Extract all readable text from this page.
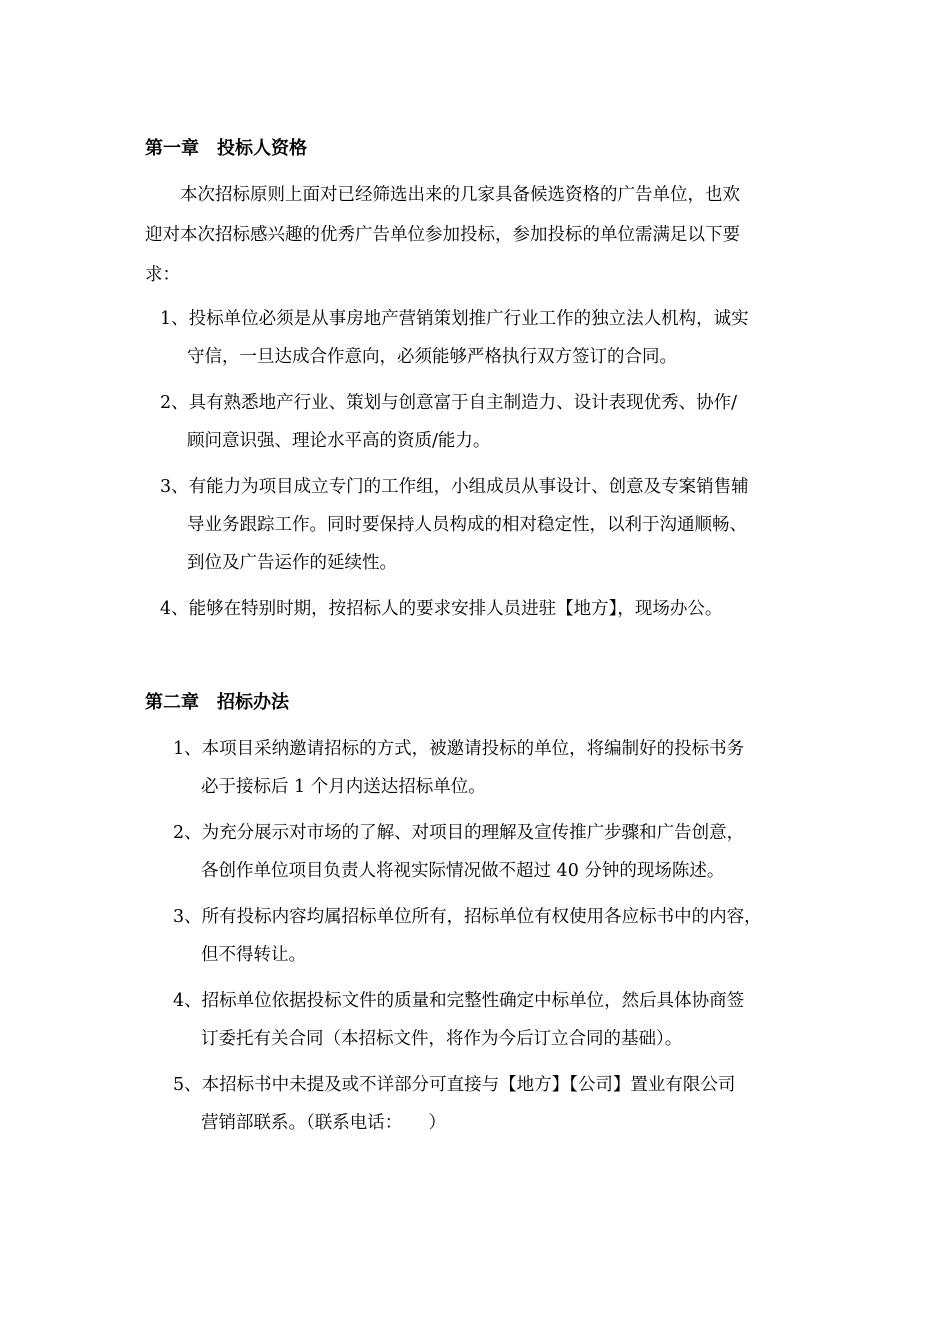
第一章　投标人资格
本次招标原则上面对已经筛选出来的几家具备候选资格的广告单位，也欢
迎对本次招标感兴趣的优秀广告单位参加投标，参加投标的单位需满足以下要
求：
1、投标单位必须是从事房地产营销策划推广行业工作的独立法人机构，诚实
守信，一旦达成合作意向，必须能够严格执行双方签订的合同。
2、具有熟悉地产行业、策划与创意富于自主制造力、设计表现优秀、协作/
顾问意识强、理论水平高的资质/能力。
3、有能力为项目成立专门的工作组，小组成员从事设计、创意及专案销售辅
导业务跟踪工作。同时要保持人员构成的相对稳定性，以利于沟通顺畅、
到位及广告运作的延续性。
4、能够在特别时期，按招标人的要求安排人员进驻【地方】，现场办公。
第二章　招标办法
1、本项目采纳邀请招标的方式，被邀请投标的单位，将编制好的投标书务
必于接标后 1 个月内送达招标单位。
2、为充分展示对市场的了解、对项目的理解及宣传推广步骤和广告创意，
各创作单位项目负责人将视实际情况做不超过 40 分钟的现场陈述。
3、所有投标内容均属招标单位所有，招标单位有权使用各应标书中的内容，
但不得转让。
4、招标单位依据投标文件的质量和完整性确定中标单位，然后具体协商签
订委托有关合同（本招标文件，将作为今后订立合同的基础）。
5、本招标书中未提及或不详部分可直接与【地方】【公司】置业有限公司
营销部联系。（联系电话：　　）
